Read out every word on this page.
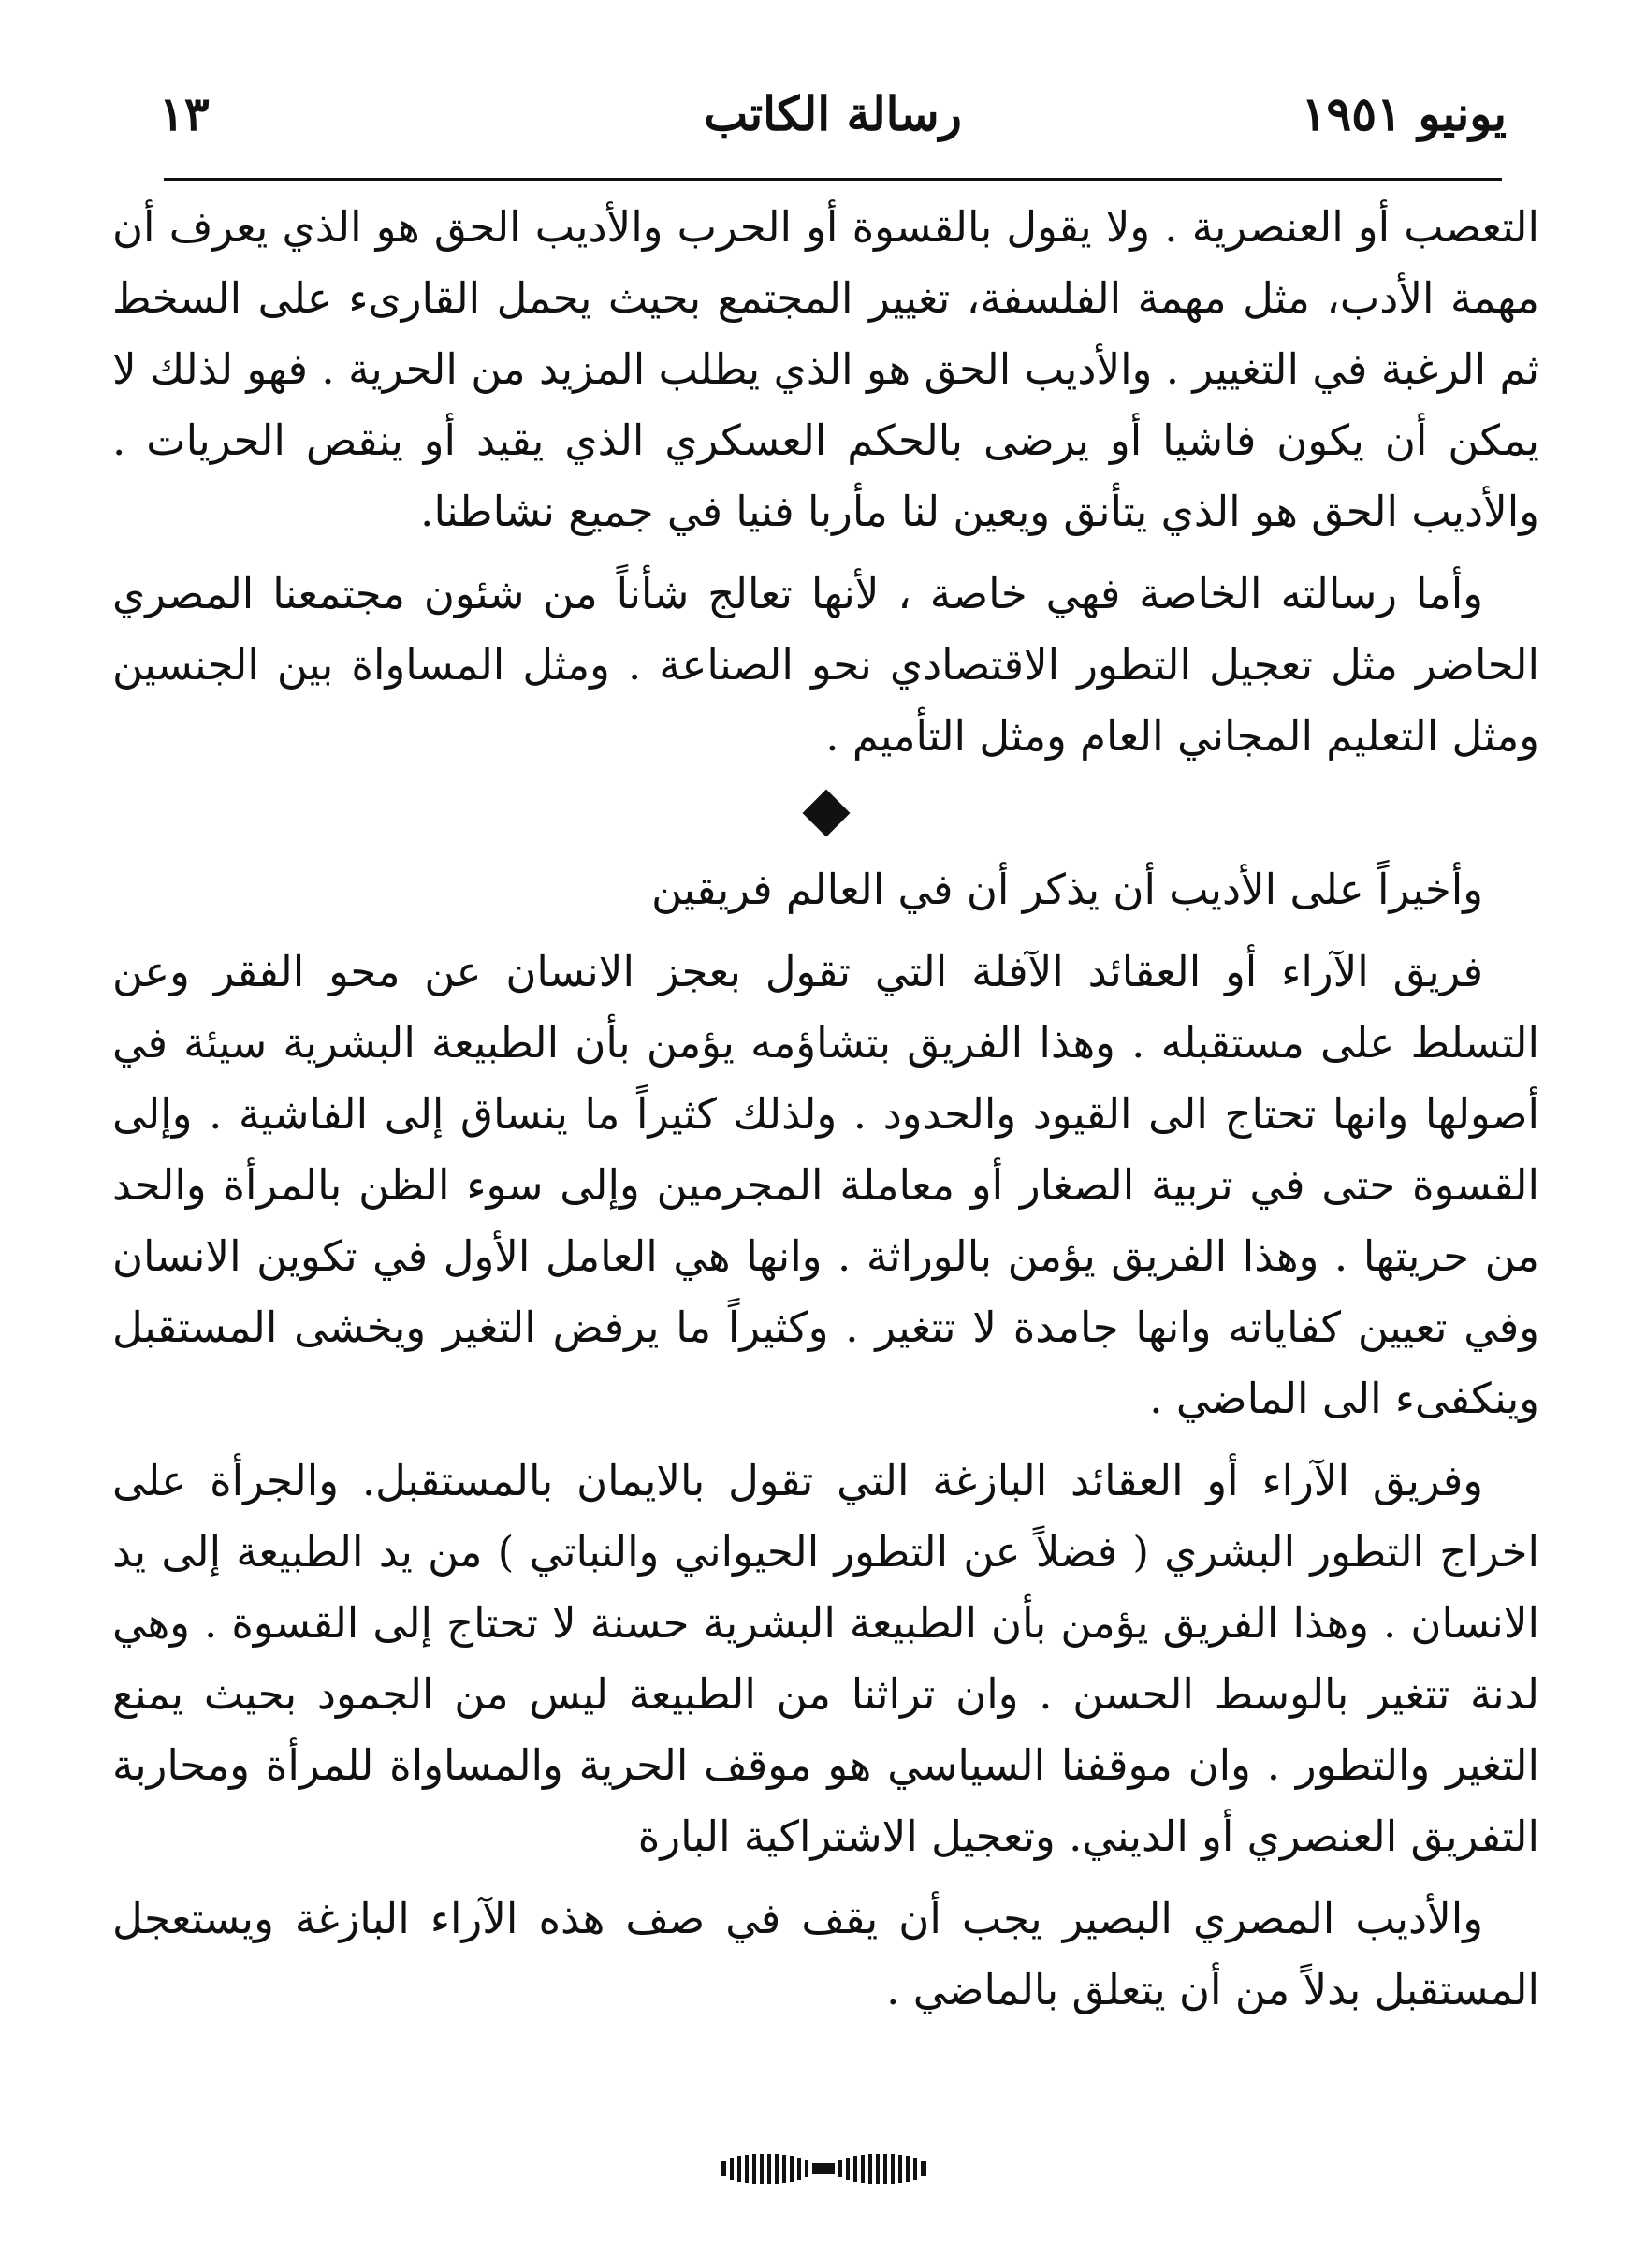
يونيو ١٩٥١
رسالة الكاتب
١٣

التعصب أو العنصرية . ولا يقول بالقسوة أو الحرب والأديب الحق هو الذي يعرف أن مهمة الأدب، مثل مهمة الفلسفة، تغيير المجتمع بحيث يحمل القارىء على السخط ثم الرغبة في التغيير . والأديب الحق هو الذي يطلب المزيد من الحرية . فهو لذلك لا يمكن أن يكون فاشيا أو يرضى بالحكم العسكري الذي يقيد أو ينقص الحريات . والأديب الحق هو الذي يتأنق ويعين لنا مأربا فنيا في جميع نشاطنا.

وأما رسالته الخاصة فهي خاصة ، لأنها تعالج شأناً من شئون مجتمعنا المصري الحاضر مثل تعجيل التطور الاقتصادي نحو الصناعة . ومثل المساواة بين الجنسين ومثل التعليم المجاني العام ومثل التأميم .

وأخيراً على الأديب أن يذكر أن في العالم فريقين

فريق الآراء أو العقائد الآفلة التي تقول بعجز الانسان عن محو الفقر وعن التسلط على مستقبله . وهذا الفريق بتشاؤمه يؤمن بأن الطبيعة البشرية سيئة في أصولها وانها تحتاج الى القيود والحدود . ولذلك كثيراً ما ينساق إلى الفاشية . وإلى القسوة حتى في تربية الصغار أو معاملة المجرمين وإلى سوء الظن بالمرأة والحد من حريتها . وهذا الفريق يؤمن بالوراثة . وانها هي العامل الأول في تكوين الانسان وفي تعيين كفاياته وانها جامدة لا تتغير . وكثيراً ما يرفض التغير ويخشى المستقبل وينكفىء الى الماضي .

وفريق الآراء أو العقائد البازغة التي تقول بالايمان بالمستقبل. والجرأة على اخراج التطور البشري ( فضلاً عن التطور الحيواني والنباتي ) من يد الطبيعة إلى يد الانسان . وهذا الفريق يؤمن بأن الطبيعة البشرية حسنة لا تحتاج إلى القسوة . وهي لدنة تتغير بالوسط الحسن . وان تراثنا من الطبيعة ليس من الجمود بحيث يمنع التغير والتطور . وان موقفنا السياسي هو موقف الحرية والمساواة للمرأة ومحاربة التفريق العنصري أو الديني. وتعجيل الاشتراكية البارة

والأديب المصري البصير يجب أن يقف في صف هذه الآراء البازغة ويستعجل المستقبل بدلاً من أن يتعلق بالماضي .
